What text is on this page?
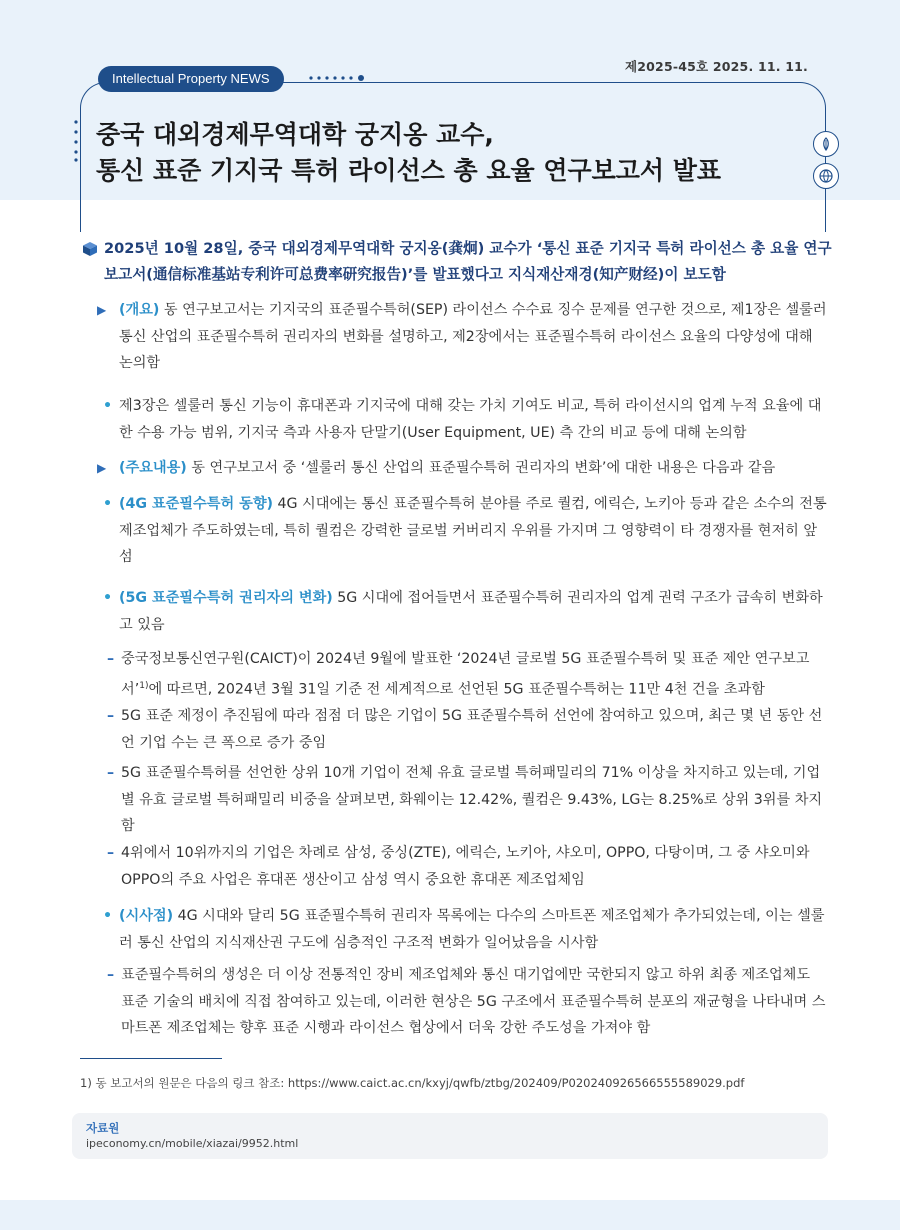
제2025-45호 2025. 11. 11.
Intellectual Property NEWS
중국 대외경제무역대학 궁지옹 교수,
통신 표준 기지국 특허 라이선스 총 요율 연구보고서 발표
2025년 10월 28일, 중국 대외경제무역대학 궁지옹(龚炯) 교수가 ‘통신 표준 기지국 특허 라이선스 총 요율 연구보고서(通信标准基站专利许可总费率研究报告)’를 발표했다고 지식재산재경(知产财经)이 보도함
▶ (개요) 동 연구보고서는 기지국의 표준필수특허(SEP) 라이선스 수수료 징수 문제를 연구한 것으로, 제1장은 셀룰러 통신 산업의 표준필수특허 권리자의 변화를 설명하고, 제2장에서는 표준필수특허 라이선스 요율의 다양성에 대해 논의함
• 제3장은 셀룰러 통신 기능이 휴대폰과 기지국에 대해 갖는 가치 기여도 비교, 특허 라이선시의 업계 누적 요율에 대한 수용 가능 범위, 기지국 측과 사용자 단말기(User Equipment, UE) 측 간의 비교 등에 대해 논의함
▶ (주요내용) 동 연구보고서 중 ‘셀룰러 통신 산업의 표준필수특허 권리자의 변화’에 대한 내용은 다음과 같음
• (4G 표준필수특허 동향) 4G 시대에는 통신 표준필수특허 분야를 주로 퀄컴, 에릭슨, 노키아 등과 같은 소수의 전통 제조업체가 주도하였는데, 특히 퀄컴은 강력한 글로벌 커버리지 우위를 가지며 그 영향력이 타 경쟁자를 현저히 앞섬
• (5G 표준필수특허 권리자의 변화) 5G 시대에 접어들면서 표준필수특허 권리자의 업계 권력 구조가 급속히 변화하고 있음
– 중국정보통신연구원(CAICT)이 2024년 9월에 발표한 ‘2024년 글로벌 5G 표준필수특허 및 표준 제안 연구보고서’$^{1)}$에 따르면, 2024년 3월 31일 기준 전 세계적으로 선언된 5G 표준필수특허는 11만 4천 건을 초과함
– 5G 표준 제정이 추진됨에 따라 점점 더 많은 기업이 5G 표준필수특허 선언에 참여하고 있으며, 최근 몇 년 동안 선언 기업 수는 큰 폭으로 증가 중임
– 5G 표준필수특허를 선언한 상위 10개 기업이 전체 유효 글로벌 특허패밀리의 71% 이상을 차지하고 있는데, 기업별 유효 글로벌 특허패밀리 비중을 살펴보면, 화웨이는 12.42%, 퀄컴은 9.43%, LG는 8.25%로 상위 3위를 차지함
– 4위에서 10위까지의 기업은 차례로 삼성, 중싱(ZTE), 에릭슨, 노키아, 샤오미, OPPO, 다탕이며, 그 중 샤오미와 OPPO의 주요 사업은 휴대폰 생산이고 삼성 역시 중요한 휴대폰 제조업체임
• (시사점) 4G 시대와 달리 5G 표준필수특허 권리자 목록에는 다수의 스마트폰 제조업체가 추가되었는데, 이는 셀룰러 통신 산업의 지식재산권 구도에 심층적인 구조적 변화가 일어났음을 시사함
– 표준필수특허의 생성은 더 이상 전통적인 장비 제조업체와 통신 대기업에만 국한되지 않고 하위 최종 제조업체도 표준 기술의 배치에 직접 참여하고 있는데, 이러한 현상은 5G 구조에서 표준필수특허 분포의 재균형을 나타내며 스마트폰 제조업체는 향후 표준 시행과 라이선스 협상에서 더욱 강한 주도성을 가져야 함
1) 동 보고서의 원문은 다음의 링크 참조: https://www.caict.ac.cn/kxyj/qwfb/ztbg/202409/P020240926566555589029.pdf
자료원
ipeconomy.cn/mobile/xiazai/9952.html
